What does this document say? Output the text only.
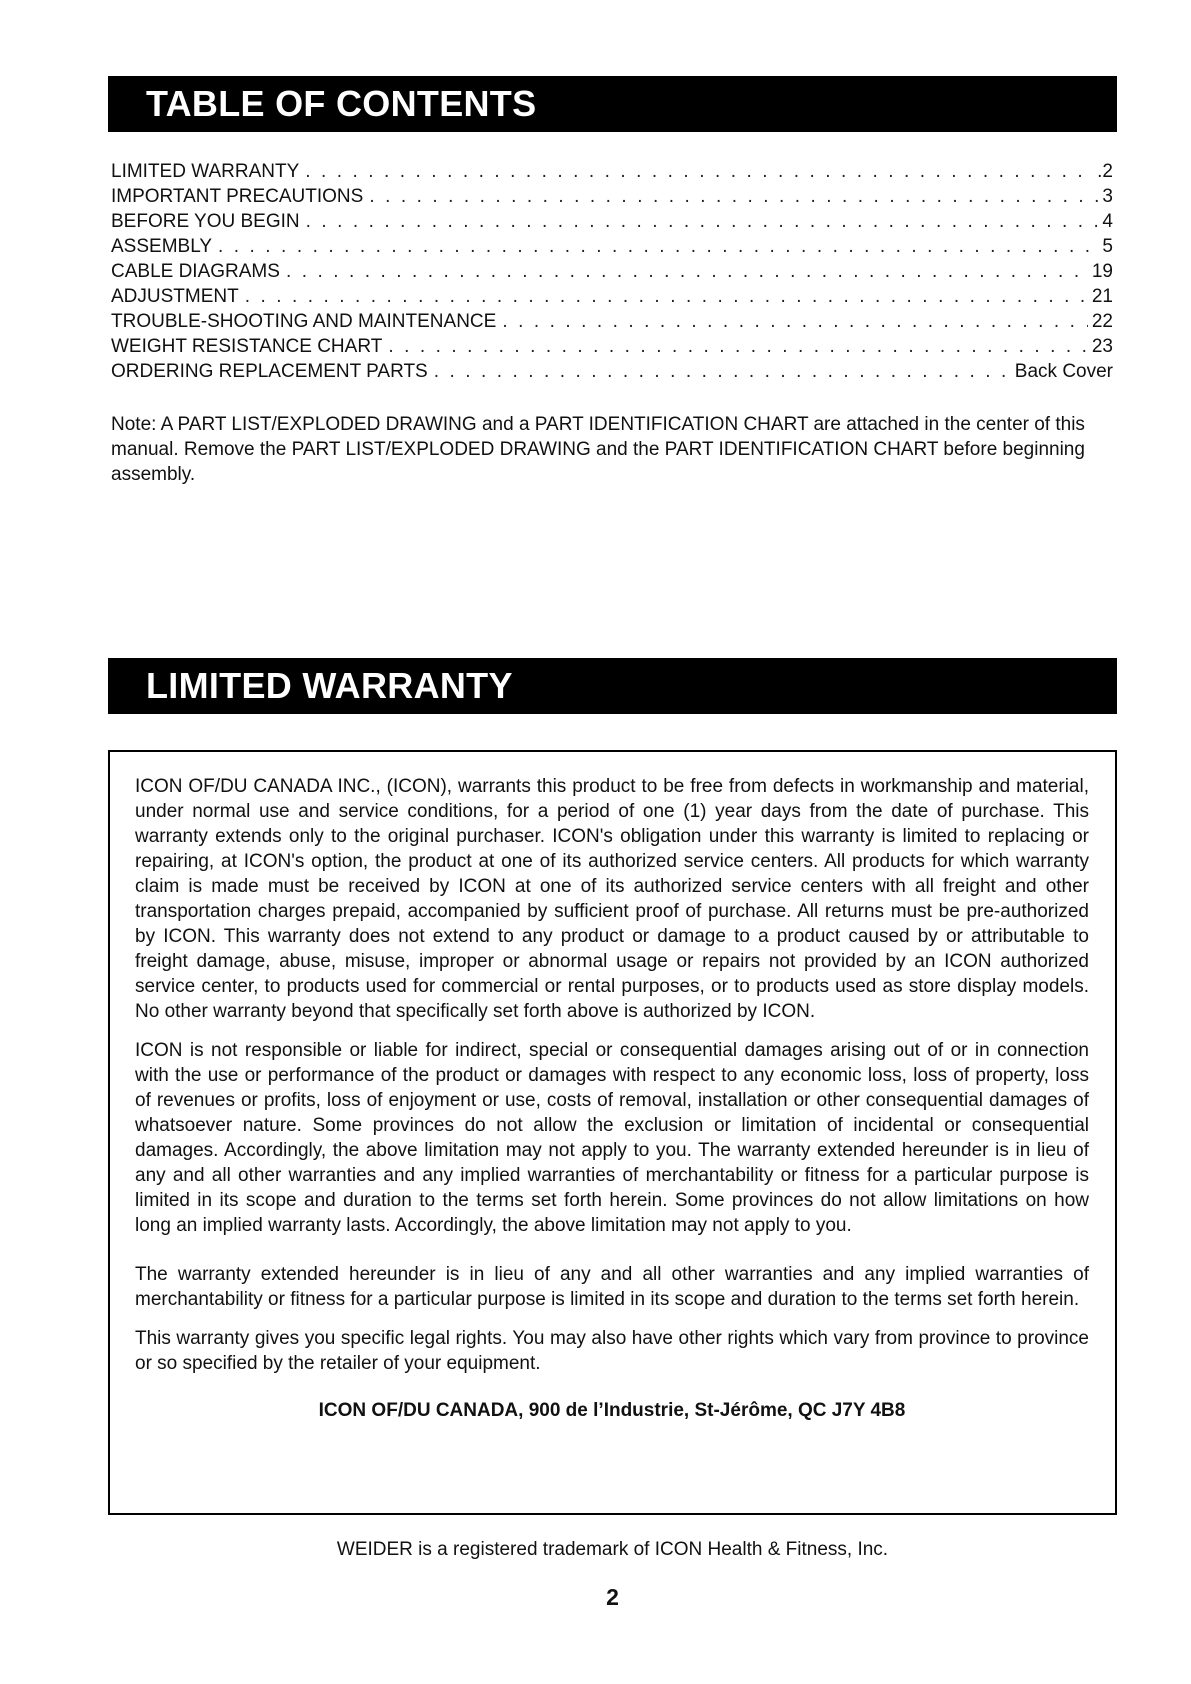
TABLE OF CONTENTS
LIMITED WARRANTY . . .	.2
IMPORTANT PRECAUTIONS . . .	3
BEFORE YOU BEGIN . . .	4
ASSEMBLY . . .	5
CABLE DIAGRAMS . . .	19
ADJUSTMENT . . .	21
TROUBLE-SHOOTING AND MAINTENANCE . . .	22
WEIGHT RESISTANCE CHART . . .	23
ORDERING REPLACEMENT PARTS . . .	Back Cover

Note: A PART LIST/EXPLODED DRAWING and a PART IDENTIFICATION CHART are attached in the center of this manual. Remove the PART LIST/EXPLODED DRAWING and the PART IDENTIFICATION CHART before beginning assembly.

LIMITED WARRANTY

ICON OF/DU CANADA INC., (ICON), warrants this product to be free from defects in workmanship and material, under normal use and service conditions, for a period of one (1) year days from the date of purchase. This warranty extends only to the original purchaser. ICON's obligation under this warranty is limited to replacing or repairing, at ICON's option, the product at one of its authorized service centers. All products for which warranty claim is made must be received by ICON at one of its authorized service centers with all freight and other transportation charges prepaid, accompanied by sufficient proof of purchase. All returns must be pre-authorized by ICON. This warranty does not extend to any product or damage to a product caused by or attributable to freight damage, abuse, misuse, improper or abnormal usage or repairs not provided by an ICON authorized service center, to products used for commercial or rental purposes, or to products used as store display models. No other warranty beyond that specifically set forth above is authorized by ICON.

ICON is not responsible or liable for indirect, special or consequential damages arising out of or in connection with the use or performance of the product or damages with respect to any economic loss, loss of property, loss of revenues or profits, loss of enjoyment or use, costs of removal, installation or other consequential damages of whatsoever nature. Some provinces do not allow the exclusion or limitation of incidental or consequential damages. Accordingly, the above limitation may not apply to you. The warranty extended hereunder is in lieu of any and all other warranties and any implied warranties of merchantability or fitness for a particular purpose is limited in its scope and duration to the terms set forth herein. Some provinces do not allow limitations on how long an implied warranty lasts. Accordingly, the above limitation may not apply to you.

The warranty extended hereunder is in lieu of any and all other warranties and any implied warranties of merchantability or fitness for a particular purpose is limited in its scope and duration to the terms set forth herein.

This warranty gives you specific legal rights. You may also have other rights which vary from province to province or so specified by the retailer of your equipment.

ICON OF/DU CANADA, 900 de l’Industrie, St-Jérôme, QC J7Y 4B8

WEIDER is a registered trademark of ICON Health & Fitness, Inc.
2
